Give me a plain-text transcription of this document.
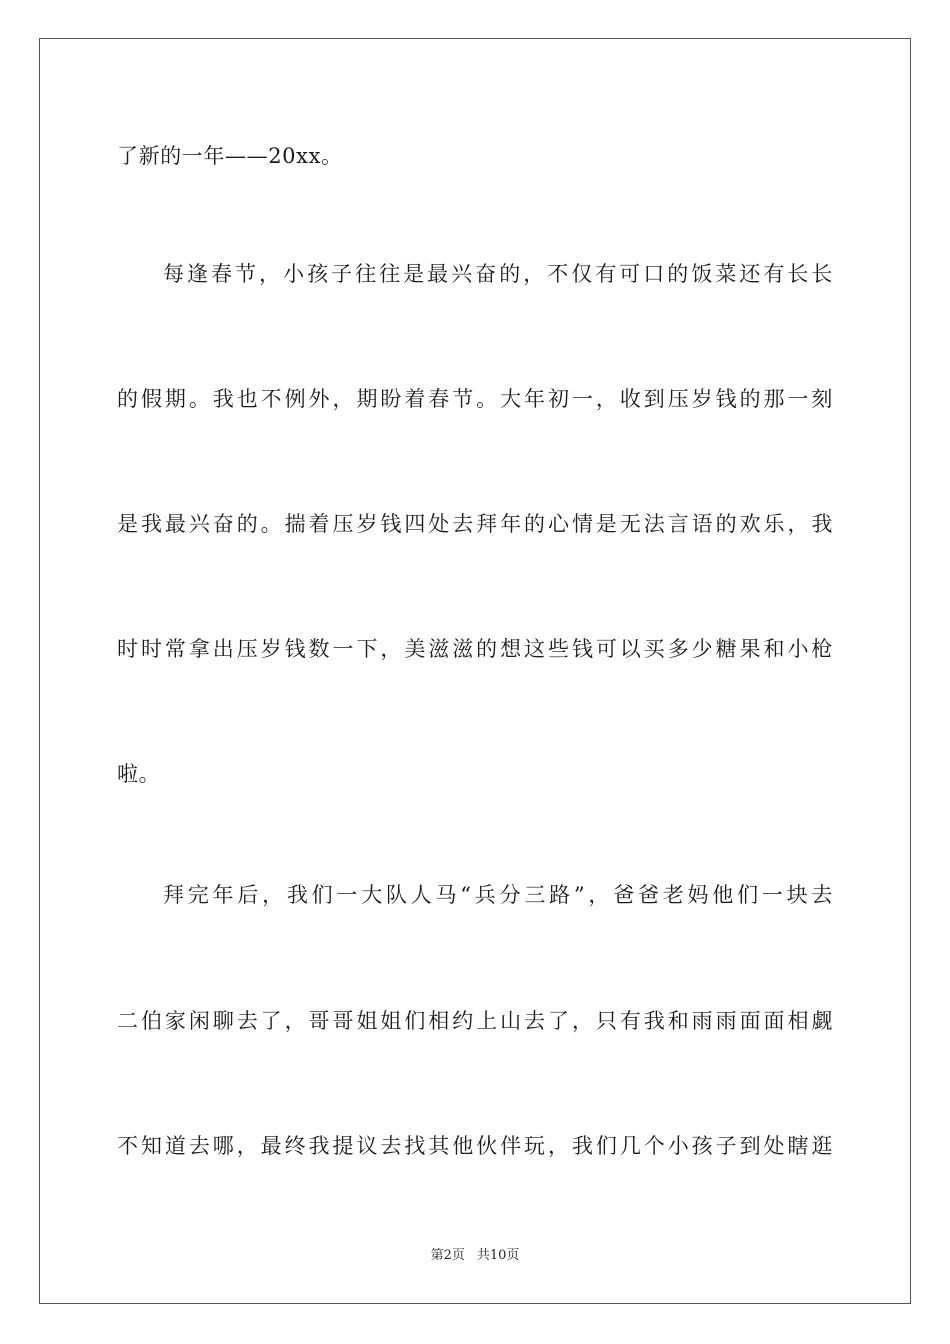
了新的一年——20xx。
每逢春节，小孩子往往是最兴奋的，不仅有可口的饭菜还有长长
的假期。我也不例外，期盼着春节。大年初一，收到压岁钱的那一刻
是我最兴奋的。揣着压岁钱四处去拜年的心情是无法言语的欢乐，我
时时常拿出压岁钱数一下，美滋滋的想这些钱可以买多少糖果和小枪
啦。
拜完年后，我们一大队人马“兵分三路”，爸爸老妈他们一块去
二伯家闲聊去了，哥哥姐姐们相约上山去了，只有我和雨雨面面相觑
不知道去哪，最终我提议去找其他伙伴玩，我们几个小孩子到处瞎逛
第2页 共10页
